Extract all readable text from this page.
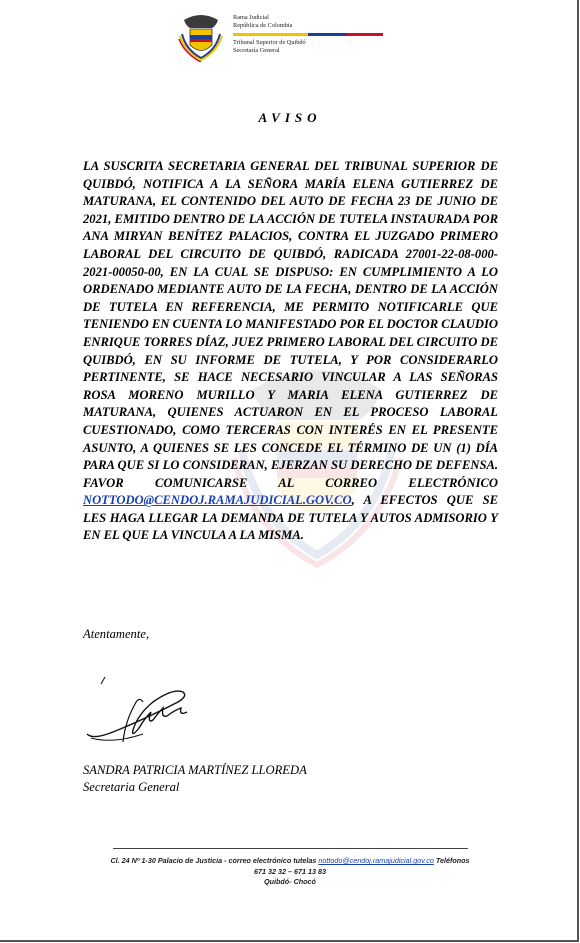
Rama Judicial
República de Colombia
Tribunal Superior de Quibdó
Secretaría General
AVISO

LA SUSCRITA SECRETARIA GENERAL DEL TRIBUNAL SUPERIOR DE QUIBDÓ, NOTIFICA A LA SEÑORA MARÍA ELENA GUTIERREZ DE MATURANA, EL CONTENIDO DEL AUTO DE FECHA 23 DE JUNIO DE 2021, EMITIDO DENTRO DE LA ACCIÓN DE TUTELA INSTAURADA POR ANA MIRYAN BENÍTEZ PALACIOS, CONTRA EL JUZGADO PRIMERO LABORAL DEL CIRCUITO DE QUIBDÓ, RADICADA 27001-22-08-000-2021-00050-00, EN LA CUAL SE DISPUSO: EN CUMPLIMIENTO A LO ORDENADO MEDIANTE AUTO DE LA FECHA, DENTRO DE LA ACCIÓN DE TUTELA EN REFERENCIA, ME PERMITO NOTIFICARLE QUE TENIENDO EN CUENTA LO MANIFESTADO POR EL DOCTOR CLAUDIO ENRIQUE TORRES DÍAZ, JUEZ PRIMERO LABORAL DEL CIRCUITO DE QUIBDÓ, EN SU INFORME DE TUTELA, Y POR CONSIDERARLO PERTINENTE, SE HACE NECESARIO VINCULAR A LAS SEÑORAS ROSA MORENO MURILLO Y MARIA ELENA GUTIERREZ DE MATURANA, QUIENES ACTUARON EN EL PROCESO LABORAL CUESTIONADO, COMO TERCERAS CON INTERÉS EN EL PRESENTE ASUNTO, A QUIENES SE LES CONCEDE EL TÉRMINO DE UN (1) DÍA PARA QUE SI LO CONSIDERAN, EJERZAN SU DERECHO DE DEFENSA. FAVOR COMUNICARSE AL CORREO ELECTRÓNICO NOTTODO@CENDOJ.RAMAJUDICIAL.GOV.CO, A EFECTOS QUE SE LES HAGA LLEGAR LA DEMANDA DE TUTELA Y AUTOS ADMISORIO Y EN EL QUE LA VINCULA A LA MISMA.

Atentamente,
SANDRA PATRICIA MARTÍNEZ LLOREDA
Secretaria General
Cl. 24 Nº 1-30 Palacio de Justicia - correo electrónico tutelas nottodo@cendoj.ramajudicial.gov.co Teléfonos
671 32 32 – 671 13 83
Quibdó- Chocó
